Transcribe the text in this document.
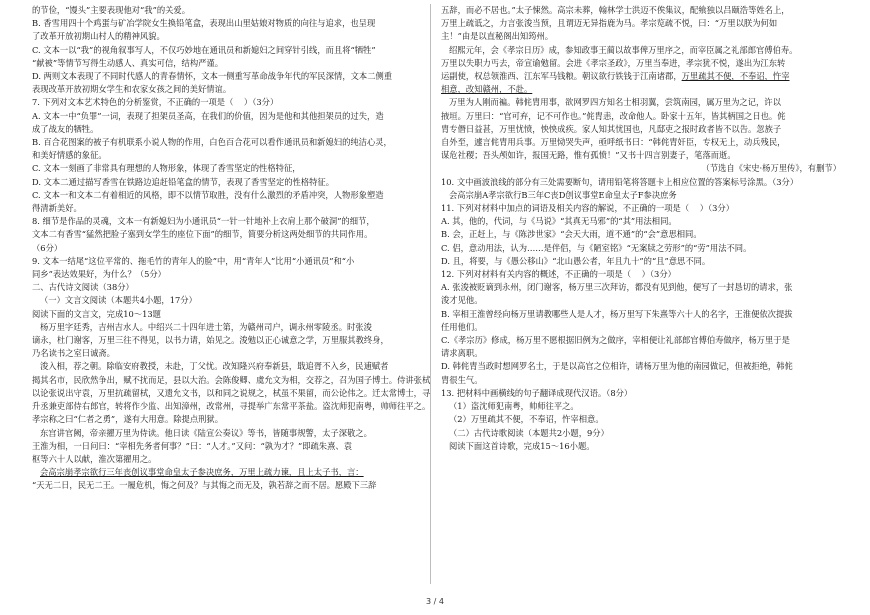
的节俭，“馒头”主要表现他对“我”的关爱。

B. 香雪用四十个鸡蛋与矿冶学院女生换铅笔盒，表现出山里姑娘对物质的向往与追求，也呈现

了改革开放初期山村人的精神风貌。

C. 文本一以“我”的视角叙事写人，不仅巧妙地在通讯员和新媳妇之间穿针引线，而且将“牺牲”

“献被”等情节写得生动感人、真实可信，结构严谨。

D. 两则文本表现了不同时代感人的青春情怀，文本一侧重写革命战争年代的军民深情，文本二侧重

表现改革开放初期女学生和农家女孩之间的美好情谊。

7. 下列对文本艺术特色的分析鉴赏，不正确的一项是（    ）（3分）

A. 文本一中“负罪”一词，表现了担架员圣高，在我们的价值，因为是他和其他担架员的过失，造

成了战友的牺牲。

B. 百合花图案的被子有机联系小说人物的作用，白色百合花可以看作通讯员和新媳妇的纯洁心灵，

和美好情感的象征。

C. 文本一刻画了非常具有理想的人物形象，体现了香雪坚定的性格特征，

D. 文本二通过描写香雪在铁路边追赶铅笔盒的情节，表现了香雪坚定的性格特征。

C. 文本一和文本二有着相近的风格，即不以情节取胜，没有什么激烈的矛盾冲突，人物形象塑造

得清新美好。

8. 细节是作品的灵魂，文本一有新媳妇为小通讯员“一针一针地补上衣肩上那个破洞”的细节，

文本二有香雪“猛然把脸子塞到女学生的座位下面”的细节，简要分析这两处细节的共同作用。

（6分）

9. 文本一结尾“这位平常的、拖毛竹的青年人的脸”中，用“青年人”比用“小通讯员”和“小

同乡”表达效果好，为什么？（5分）

二、古代诗文阅读（38分）

（一）文言文阅读（本题共4小题，17分）

阅读下面的文言文，完成10～13题

杨万里字廷秀，吉州吉水人。中绍兴二十四年进士第，为赣州司户，调永州零陵丞。时张浚

谪永，杜门谢客，万里三往不得见，以书力请，始见之。浚勉以正心诚意之学，万里服其教终身，

乃名读书之室曰诚斋。

浚入相，荐之朝。除临安府教授，未赴，丁父忧。改知隆兴府奉新县，戢追胥不入乡，民逋赋者

揭其名市，民欣然争出，赋不扰而足，县以大治。会陈俊卿、虞允文为相，交荐之，召为国子博士。侍讲张栻以论张说出守袁，万里抗疏留栻，又遗允文书，以和同之说规之，栻虽不果留，而公论伟之。迁太常博士，寻升丞兼吏部侍右郎官，转将作少监、出知漳州，改常州，寻提举广东常平茶盐。盗沈师犯南粤，帅师往平之。孝宗称之曰“仁者之勇”，遂有大用意。除提点刑狱。

东宫讲官阙，帝亲擢万里为侍读。他日读《陆宣公奏议》等书，皆随事规警，太子深敬之。

王淮为相，一日问曰：“宰相先务者何事？”曰：“人才。”又问：“孰为才？”即疏朱熹、袁

枢等六十人以献，淮次第擢用之。

会高宗崩孝宗欲行三年丧创议事堂命皇太子参决庶务，万里上疏力谏，且上太子书，言：

“天无二日，民无二王。一履危机，悔之何及？与其悔之而无及，孰若辞之而不居。愿殿下三辞

五辞，而必不居也。”太子悚然。高宗未葬，翰林学士洪迈不俟集议，配飨独以吕颐浩等姓名上，

万里上疏诋之，力言张浚当预，且谓迈无异指鹿为马。孝宗览疏不悦，曰：“万里以朕为何如

主！”由是以直秘阁出知筠州。

绍熙元年，会《孝宗日历》成，参知政事王蔺以故事俾万里序之，而宰臣属之礼部郎官傅伯寿。

万里以失职力丐去，帝宣谕勉留。会进《孝宗圣政》，万里当奉进，孝宗犹不悦，遂出为江东转

运副使，权总领淮西、江东军马钱粮。朝议欲行铁钱于江南诸郡，万里疏其不便，不奉诏，忤宰

相意，改知赣州，不赴。

万里为人刚而褊。韩侂胄用事，欲网罗四方知名士相羽翼，尝筑南园，属万里为之记，许以

掖垣。万里曰：“官可弃，记不可作也。”侂胄恚，改命他人。卧家十五年，皆其柄国之日也。侂

胄专僭日益甚，万里忧愤，怏怏成疾。家人知其忧国也，凡邸吏之报时政者皆不以告。忽族子

自外至，遽言侂胄用兵事。万里恸哭失声，亟呼纸书曰：“韩侂胄奸臣，专权无上，动兵残民，

谋危社稷；吾头颅如许，报国无路，惟有孤愤！”又书十四言别妻子，笔落而逝。

（节选自《宋史·杨万里传》，有删节）

10. 文中画波浪线的部分有三处需要断句，请用铅笔将答题卡上相应位置的答案标号涂黑。（3分）

会高宗崩A孝宗欲行B三年C丧D创议事堂E命皇太子F参决庶务

11. 下列对材料中加点的词语及相关内容的解说，不正确的一项是（    ）（3分）

A. 其，他的，代词，与《马说》“其真无马邪”的“其”用法相同。

B. 会，正赶上，与《陈涉世家》“会天大雨，道不通”的“会”意思相同。

C. 侣，意动用法，认为……是伴侣，与《陋室铭》“无案牍之劳形”的“劳”用法不同。

D. 且，将要，与《愚公移山》“北山愚公者，年且九十”的“且”意思不同。

12. 下列对材料有关内容的概述，不正确的一项是（    ）（3分）

A. 张浚被贬谪到永州，闭门谢客，杨万里三次拜访，都没有见到他，便写了一封恳切的请求，张

浚才见他。

B. 宰相王淮曾经向杨万里请教哪些人是人才，杨万里写下朱熹等六十人的名字，王淮便依次提拔

任用他们。

C.《孝宗历》修成，杨万里不愿根据旧例为之做序，宰相便让礼部郎官傅伯寿做序，杨万里于是

请求离职。

D. 韩侂胄当政时想网罗名士，于是以高官之位相许，请杨万里为他的南园做记，但被拒绝，韩侂

胄很生气。

13. 把材料中画横线的句子翻译成现代汉语。（8分）

（1）盗沈师犯南粤，帅师往平之。

（2）万里疏其不便，不奉诏，忤宰相意。

（二）古代诗歌阅读（本题共2小题，9分）

阅读下面这首诗歌，完成15～16小题。

3 / 4
